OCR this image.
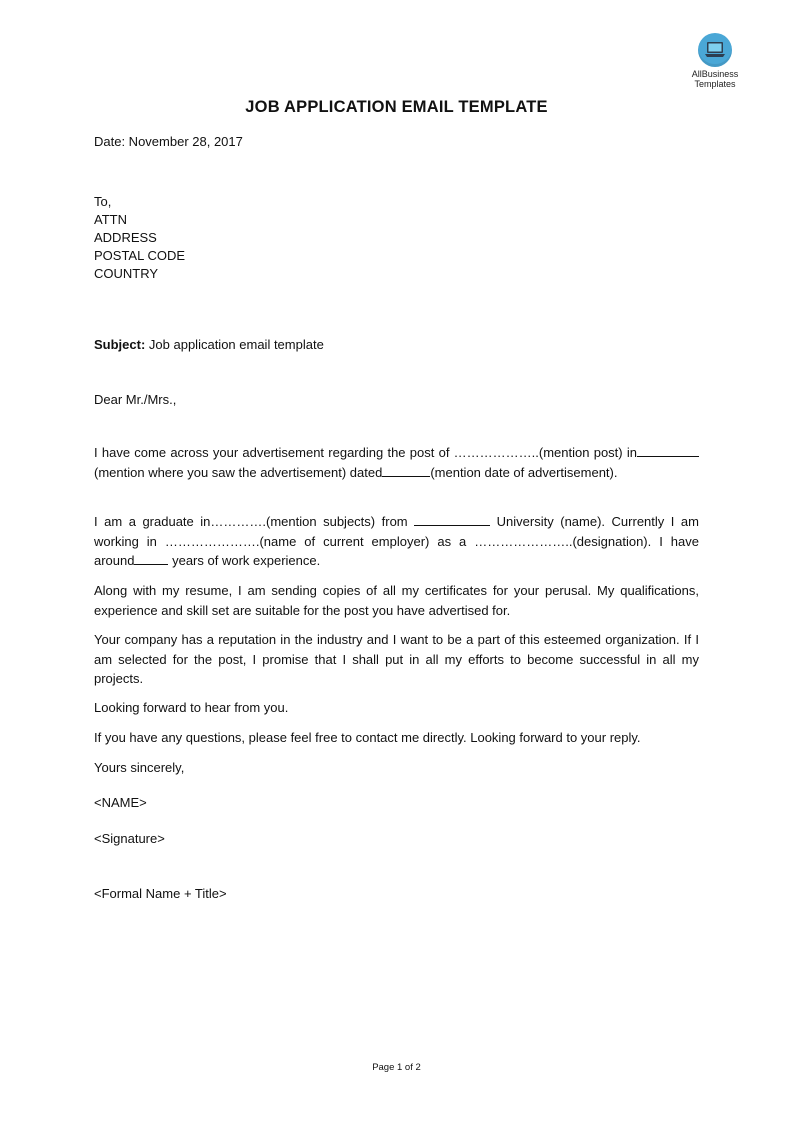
AllBusiness
Templates
JOB APPLICATION EMAIL TEMPLATE
Date: November 28, 2017
To,
ATTN
ADDRESS
POSTAL CODE
COUNTRY
Subject: Job application email template
Dear Mr./Mrs.,

I have come across your advertisement regarding the post of ………………..(mention post) in(mention where you saw the advertisement) dated	(mention date of advertisement).

I am a graduate in………….(mention subjects) from	University (name). Currently I am working in ………………….(name of current employer) as a …………………..(designation). I have around	years of work experience.

Along with my resume, I am sending copies of all my certificates for your perusal. My qualifications, experience and skill set are suitable for the post you have advertised for.

Your company has a reputation in the industry and I want to be a part of this esteemed organization. If I am selected for the post, I promise that I shall put in all my efforts to become successful in all my projects.

Looking forward to hear from you.
If you have any questions, please feel free to contact me directly. Looking forward to your reply.
Yours sincerely,
<NAME>
<Signature>
<Formal Name + Title>
Page 1 of 2
